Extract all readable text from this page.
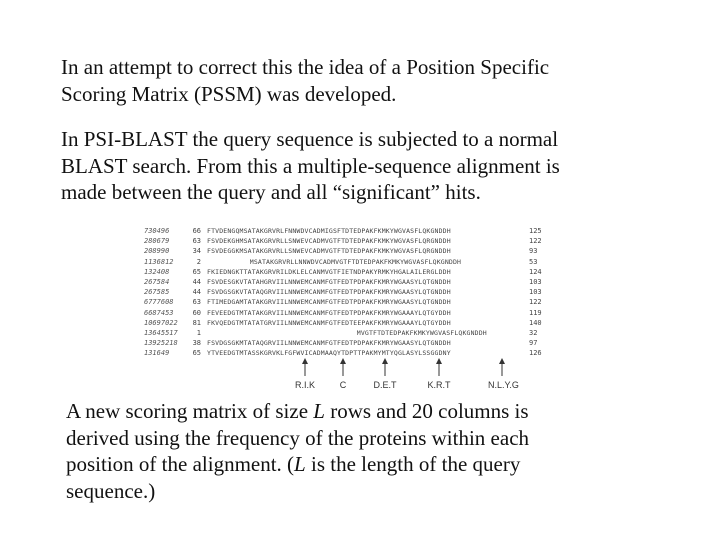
In an attempt to correct this the idea of a Position Specific
Scoring Matrix (PSSM) was developed.

In PSI-BLAST the query sequence is subjected to a normal
BLAST search. From this a multiple-sequence alignment is
made between the query and all “significant” hits.

730496	66 FTVDENGQMSATAKGRVRLFNNWDVCADMIGSFTDTEDPAKFKMKYWGVASFLQKGNDDH	125
280679	63 FSVDEKGHMSATAKGRVRLLSNWEVCADMVGTFTDTEDPAKFKMKYWGVASFLQRGNDDH	122
208990	34 FSVDEGGKMSATAKGRVRLLSNWEVCADMVGTFTDTEDPAKFKMKYWGVASFLQRGNDDH	93
1136812	2	MSATAKGRVRLLNNWDVCADMVGTFTDTEDPAKFKMKYWGVASFLQKGNDDH	53
132408	65 FKIEDNGKTTATAKGRVRILDKLELCANMVGTFIETNDPAKYRMKYHGALAILERGLDDH	124
267584	44 FSVDESGKVTATAHGRVIILNNWEMCANMFGTFEDTPDPAKFKMRYWGAASYLQTGNDDH	103
267585	44 FSVDGSGKVTATAQGRVIILNNWEMCANMFGTFEDTPDPAKFKMRYWGAASYLQTGNDDH	103
6777608	63 FTIMEDGAMTATAKGRVIILNNWEMCANMFGTFEDTPDPAKFKMRYWGAASYLQTGNDDH	122
6687453	60 FEVEEDGTMTATAKGRVIILNNWEMCANMFGTFEDTPDPAKFKMRYWGAAAYLQTGYDDH	119
10697022	81 FKVQEDGTMTATATGRVIILNNWEMCANMFGTFEDTEEPAKFKMRYWGAAAYLQTGYDDH	140
13645517	1	MVGTFTDTEDPAKFKMKYWGVASFLQKGNDDH	32
13925218	38 FSVDGSGKMTATAQGRVIILNNWEMCANMFGTFEDTPDPAKFKMRYWGAASYLQTGNDDH	97
131649	65 YTVEEDGTMTASSKGRVKLFGFWVICADMAAQYTDPTTPAKMYMTYQGLASYLSSGGDNY	126
R.I.K	C	D.E.T	K.R.T	N.L.Y.G

A new scoring matrix of size L rows and 20 columns is
derived using the frequency of the proteins within each
position of the alignment. (L is the length of the query
sequence.)
